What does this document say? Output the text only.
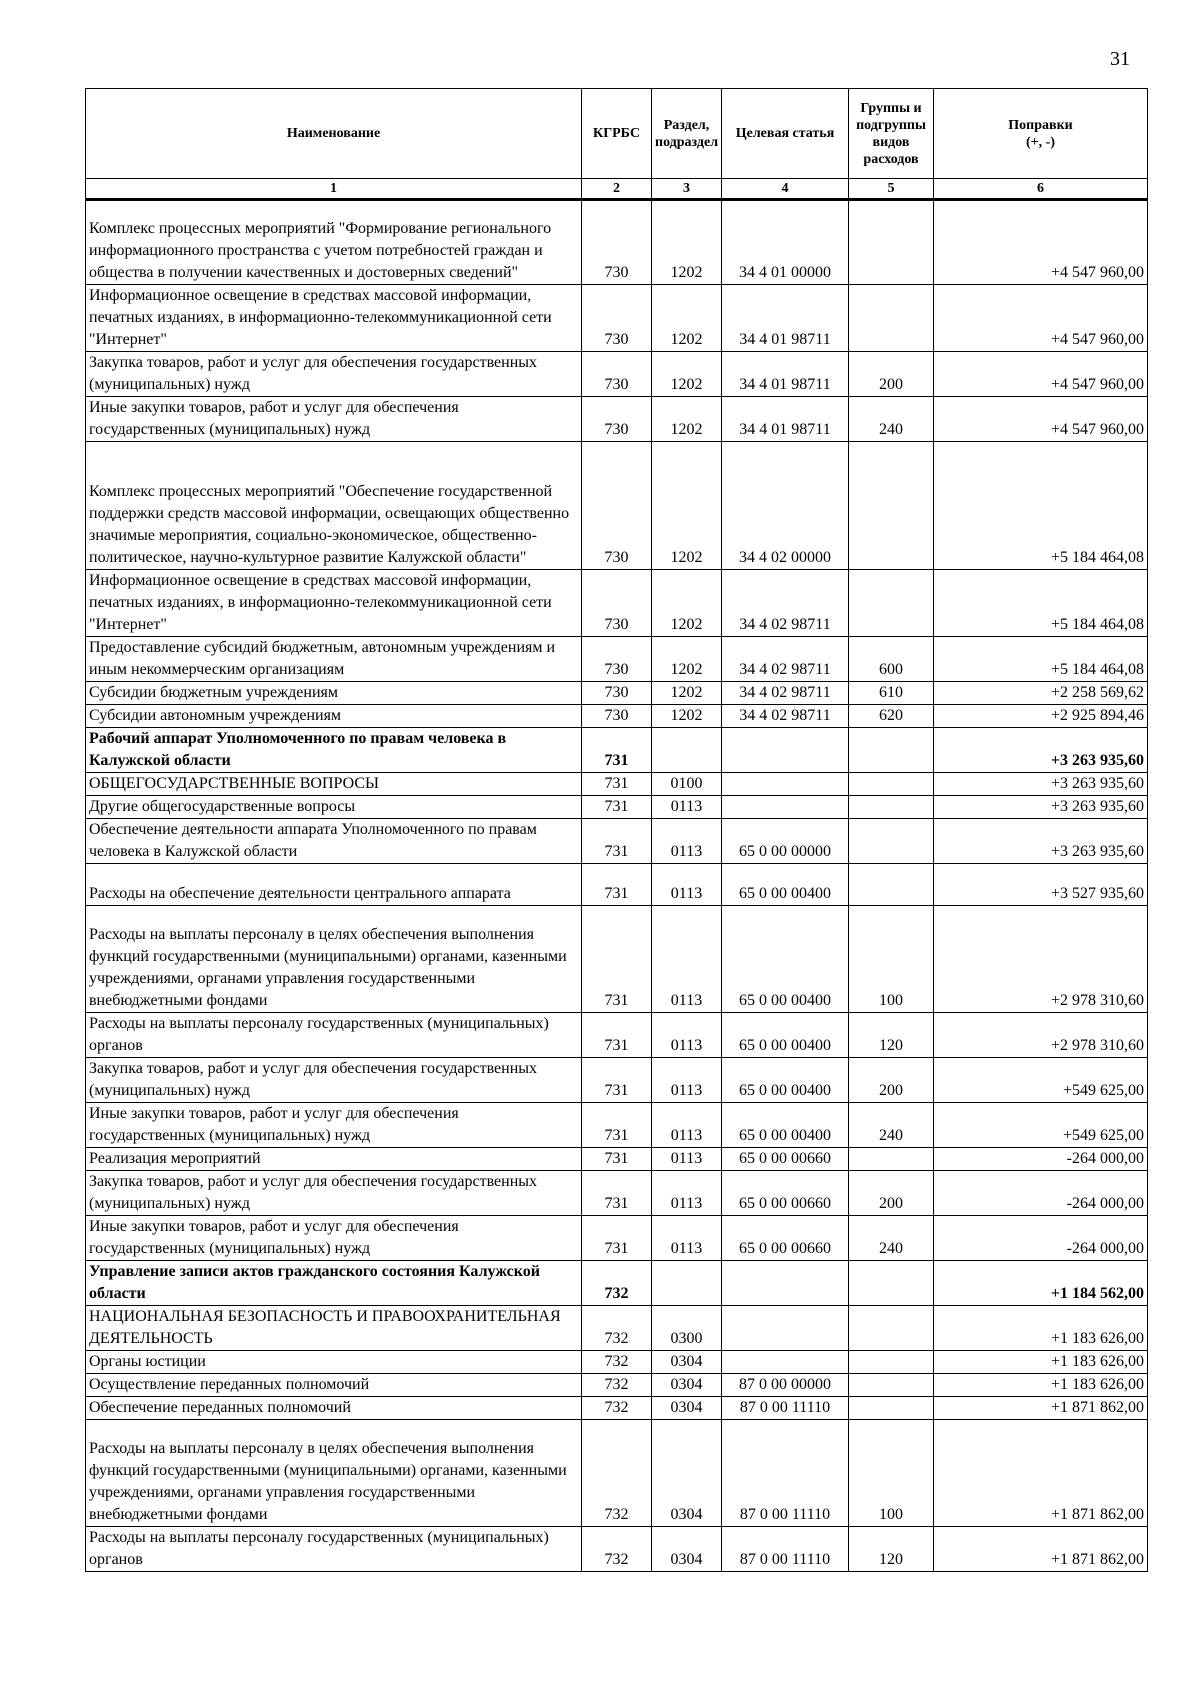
31
Наименование	КГРБС	Раздел, подраздел	Целевая статья	Группы и подгруппы видов расходов	Поправки
(+, -)
1	2	3	4	5	6
Комплекс процессных мероприятий "Формирование регионального информационного пространства с учетом потребностей граждан и общества в получении качественных и достоверных сведений"	730	1202	34 4 01 00000		+4 547 960,00
Информационное освещение в средствах массовой информации, печатных изданиях, в информационно-телекоммуникационной сети "Интернет"	730	1202	34 4 01 98711		+4 547 960,00
Закупка товаров, работ и услуг для обеспечения государственных (муниципальных) нужд	730	1202	34 4 01 98711	200	+4 547 960,00
Иные закупки товаров, работ и услуг для обеспечения государственных (муниципальных) нужд	730	1202	34 4 01 98711	240	+4 547 960,00
Комплекс процессных мероприятий "Обеспечение государственной поддержки средств массовой информации, освещающих общественно значимые мероприятия, социально-экономическое, общественно-политическое, научно-культурное развитие Калужской области"	730	1202	34 4 02 00000		+5 184 464,08
Информационное освещение в средствах массовой информации, печатных изданиях, в информационно-телекоммуникационной сети "Интернет"	730	1202	34 4 02 98711		+5 184 464,08
Предоставление субсидий бюджетным, автономным учреждениям и иным некоммерческим организациям	730	1202	34 4 02 98711	600	+5 184 464,08
Субсидии бюджетным учреждениям	730	1202	34 4 02 98711	610	+2 258 569,62
Субсидии автономным учреждениям	730	1202	34 4 02 98711	620	+2 925 894,46
Рабочий аппарат Уполномоченного по правам человека в Калужской области	731				+3 263 935,60
ОБЩЕГОСУДАРСТВЕННЫЕ ВОПРОСЫ	731	0100			+3 263 935,60
Другие общегосударственные вопросы	731	0113			+3 263 935,60
Обеспечение деятельности аппарата Уполномоченного по правам человека в Калужской области	731	0113	65 0 00 00000		+3 263 935,60
Расходы на обеспечение деятельности центрального аппарата	731	0113	65 0 00 00400		+3 527 935,60
Расходы на выплаты персоналу в целях обеспечения выполнения функций государственными (муниципальными) органами, казенными учреждениями, органами управления государственными внебюджетными фондами	731	0113	65 0 00 00400	100	+2 978 310,60
Расходы на выплаты персоналу государственных (муниципальных) органов	731	0113	65 0 00 00400	120	+2 978 310,60
Закупка товаров, работ и услуг для обеспечения государственных (муниципальных) нужд	731	0113	65 0 00 00400	200	+549 625,00
Иные закупки товаров, работ и услуг для обеспечения государственных (муниципальных) нужд	731	0113	65 0 00 00400	240	+549 625,00
Реализация мероприятий	731	0113	65 0 00 00660		-264 000,00
Закупка товаров, работ и услуг для обеспечения государственных (муниципальных) нужд	731	0113	65 0 00 00660	200	-264 000,00
Иные закупки товаров, работ и услуг для обеспечения государственных (муниципальных) нужд	731	0113	65 0 00 00660	240	-264 000,00
Управление записи актов гражданского состояния Калужской области	732				+1 184 562,00
НАЦИОНАЛЬНАЯ БЕЗОПАСНОСТЬ И ПРАВООХРАНИТЕЛЬНАЯ ДЕЯТЕЛЬНОСТЬ	732	0300			+1 183 626,00
Органы юстиции	732	0304			+1 183 626,00
Осуществление переданных полномочий	732	0304	87 0 00 00000		+1 183 626,00
Обеспечение переданных полномочий	732	0304	87 0 00 11110		+1 871 862,00
Расходы на выплаты персоналу в целях обеспечения выполнения функций государственными (муниципальными) органами, казенными учреждениями, органами управления государственными внебюджетными фондами	732	0304	87 0 00 11110	100	+1 871 862,00
Расходы на выплаты персоналу государственных (муниципальных) органов	732	0304	87 0 00 11110	120	+1 871 862,00
